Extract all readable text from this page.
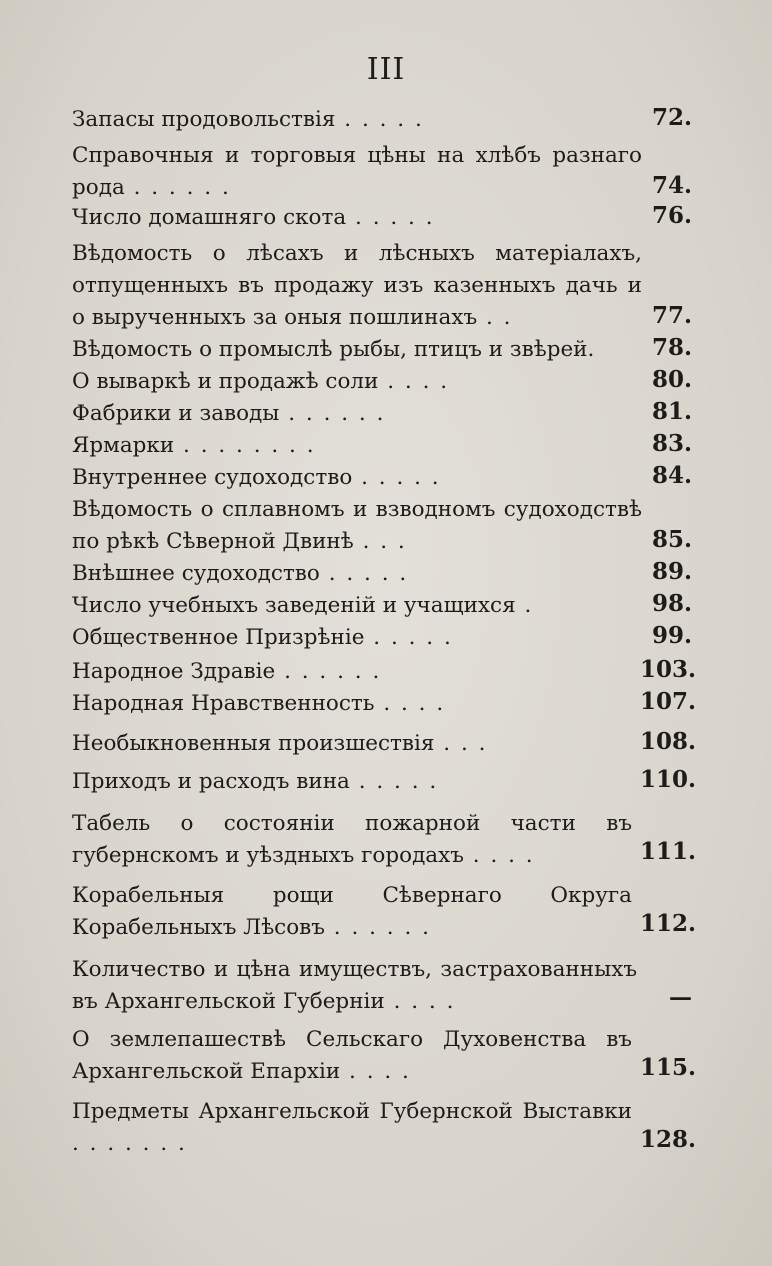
III
Запасы продовольствія . . . . .	72.
Справочныя и торговыя цѣны на хлѣбъ разнаго рода . . . . . .	74.
Число домашняго скота . . . . .	76.
Вѣдомость о лѣсахъ и лѣсныхъ матеріалахъ, отпущенныхъ въ продажу изъ казенныхъ дачь и о вырученныхъ за оныя пошлинахъ . .	77.
Вѣдомость о промыслѣ рыбы, птицъ и звѣрей.	78.
О вываркѣ и продажѣ соли . . . .	80.
Фабрики и заводы . . . . . .	81.
Ярмарки . . . . . . . .	83.
Внутреннее судоходство . . . . .	84.
Вѣдомость о сплавномъ и взводномъ судоходствѣ по рѣкѣ Сѣверной Двинѣ . . .	85.
Внѣшнее судоходство . . . . .	89.
Число учебныхъ заведеній и учащихся .	98.
Общественное Призрѣніе . . . . .	99.
Народное Здравіе . . . . . .	103.
Народная Нравственность . . . .	107.
Необыкновенныя произшествія . . .	108.
Приходъ и расходъ вина . . . . .	110.
Табель о состояніи пожарной части въ губернскомъ и уѣздныхъ городахъ . . . .	111.
Корабельныя рощи Сѣвернаго Округа Корабельныхъ Лѣсовъ . . . . . .	112.
Количество и цѣна имуществъ, застрахованныхъ въ Архангельской Губерніи . . . .	—
О землепашествѣ Сельскаго Духовенства въ Архангельской Епархіи . . . .	115.
Предметы Архангельской Губернской Выставки . . . . . . .	128.
